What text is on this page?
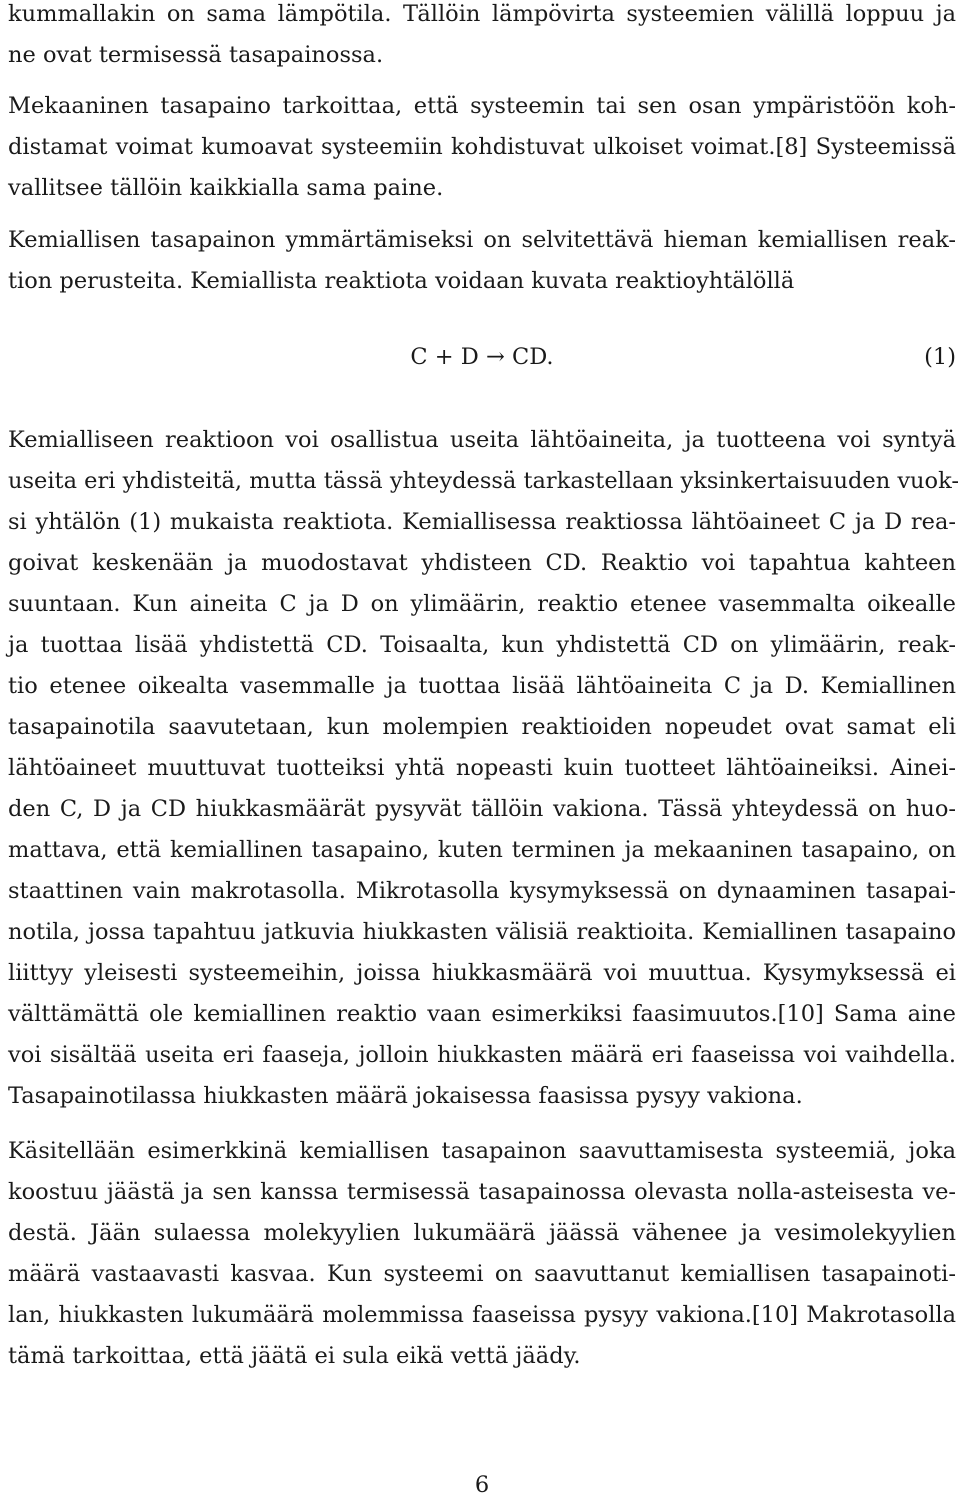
kummallakin on sama lämpötila. Tällöin lämpövirta systeemien välillä loppuu ja
ne ovat termisessä tasapainossa.
Mekaaninen tasapaino tarkoittaa, että systeemin tai sen osan ympäristöön koh-
distamat voimat kumoavat systeemiin kohdistuvat ulkoiset voimat.[8] Systeemissä
vallitsee tällöin kaikkialla sama paine.
Kemiallisen tasapainon ymmärtämiseksi on selvitettävä hieman kemiallisen reak-
tion perusteita. Kemiallista reaktiota voidaan kuvata reaktioyhtälöllä
C + D → CD.	(1)
Kemialliseen reaktioon voi osallistua useita lähtöaineita, ja tuotteena voi syntyä
useita eri yhdisteitä, mutta tässä yhteydessä tarkastellaan yksinkertaisuuden vuok-
si yhtälön (1) mukaista reaktiota. Kemiallisessa reaktiossa lähtöaineet C ja D rea-
goivat keskenään ja muodostavat yhdisteen CD. Reaktio voi tapahtua kahteen
suuntaan. Kun aineita C ja D on ylimäärin, reaktio etenee vasemmalta oikealle
ja tuottaa lisää yhdistettä CD. Toisaalta, kun yhdistettä CD on ylimäärin, reak-
tio etenee oikealta vasemmalle ja tuottaa lisää lähtöaineita C ja D. Kemiallinen
tasapainotila saavutetaan, kun molempien reaktioiden nopeudet ovat samat eli
lähtöaineet muuttuvat tuotteiksi yhtä nopeasti kuin tuotteet lähtöaineiksi. Ainei-
den C, D ja CD hiukkasmäärät pysyvät tällöin vakiona. Tässä yhteydessä on huo-
mattava, että kemiallinen tasapaino, kuten terminen ja mekaaninen tasapaino, on
staattinen vain makrotasolla. Mikrotasolla kysymyksessä on dynaaminen tasapai-
notila, jossa tapahtuu jatkuvia hiukkasten välisiä reaktioita. Kemiallinen tasapaino
liittyy yleisesti systeemeihin, joissa hiukkasmäärä voi muuttua. Kysymyksessä ei
välttämättä ole kemiallinen reaktio vaan esimerkiksi faasimuutos.[10] Sama aine
voi sisältää useita eri faaseja, jolloin hiukkasten määrä eri faaseissa voi vaihdella.
Tasapainotilassa hiukkasten määrä jokaisessa faasissa pysyy vakiona.
Käsitellään esimerkkinä kemiallisen tasapainon saavuttamisesta systeemiä, joka
koostuu jäästä ja sen kanssa termisessä tasapainossa olevasta nolla-asteisesta ve-
destä. Jään sulaessa molekyylien lukumäärä jäässä vähenee ja vesimolekyylien
määrä vastaavasti kasvaa. Kun systeemi on saavuttanut kemiallisen tasapainoti-
lan, hiukkasten lukumäärä molemmissa faaseissa pysyy vakiona.[10] Makrotasolla
tämä tarkoittaa, että jäätä ei sula eikä vettä jäädy.
6
